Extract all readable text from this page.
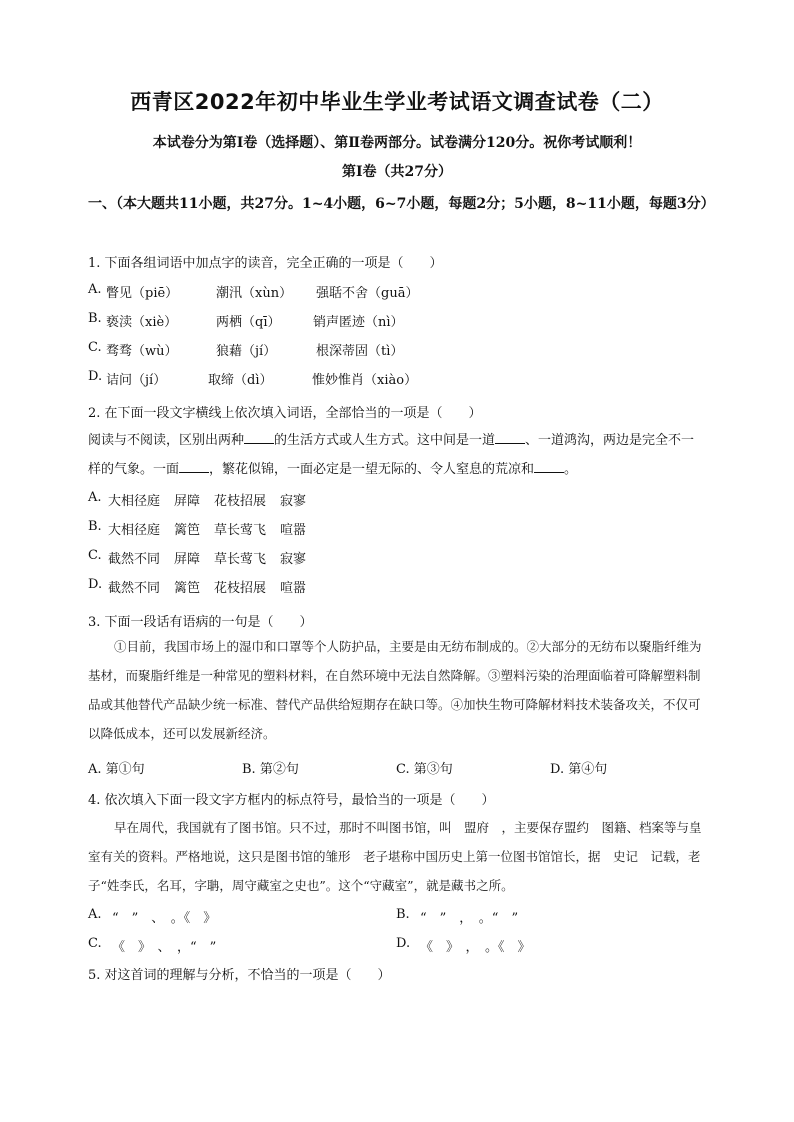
西青区2022年初中毕业生学业考试语文调查试卷（二）
本试卷分为第Ⅰ卷（选择题）、第Ⅱ卷两部分。试卷满分120分。祝你考试顺利！
第Ⅰ卷（共27分）
一、（本大题共11小题，共27分。1~4小题，6~7小题，每题2分；5小题，8~11小题，每题3分）
1. 下面各组词语中加点字的读音，完全正确的一项是（　　）
A. 瞥见（piē）	潮汛（xùn） 强聒不舍（guā）
B. 亵渎（xiè）	两栖（qī）	销声匿迹（nì）
C. 骛骛（wù）	狼藉（jí）	根深蒂固（tì）
D. 诘问（jí）	取缔（dì）	惟妙惟肖（xiào）
2. 在下面一段文字横线上依次填入词语，全部恰当的一项是（　　）
阅读与不阅读，区别出两种 的生活方式或人生方式。这中间是一道 、一道鸿沟，两边是完全不一
样的气象。一面 ，繁花似锦，一面必定是一望无际的、令人窒息的荒凉和 。
A. 大相径庭 屏障 花枝招展 寂寥
B. 大相径庭 篱笆 草长莺飞 喧嚣
C. 截然不同 屏障 草长莺飞 寂寥
D. 截然不同 篱笆 花枝招展 喧嚣
3. 下面一段话有语病的一句是（　　）
①目前，我国市场上的湿巾和口罩等个人防护品，主要是由无纺布制成的。②大部分的无纺布以聚脂纤维为基材，而聚脂纤维是一种常见的塑料材料，在自然环境中无法自然降解。③塑料污染的治理面临着可降解塑料制品或其他替代产品缺少统一标准、替代产品供给短期存在缺口等。④加快生物可降解材料技术装备攻关，不仅可以降低成本，还可以发展新经济。
A. 第①句	B. 第②句	C. 第③句	D. 第④句
4. 依次填入下面一段文字方框内的标点符号，最恰当的一项是（　　）
早在周代，我国就有了图书馆。只不过，那时不叫图书馆，叫　盟府　，主要保存盟约　图籍、档案等与皇室有关的资料。严格地说，这只是图书馆的雏形　老子堪称中国历史上第一位图书馆馆长，据　史记　记载，老子“姓李氏，名耳，字聃，周守藏室之史也”。这个“守藏室”，就是藏书之所。
A. “　”　、　。《　》	B. “　”　，　。“　”
C. 《　》　、　，“　”	D. 《　》　，　。《　》
5. 对这首词的理解与分析，不恰当的一项是（　　）
